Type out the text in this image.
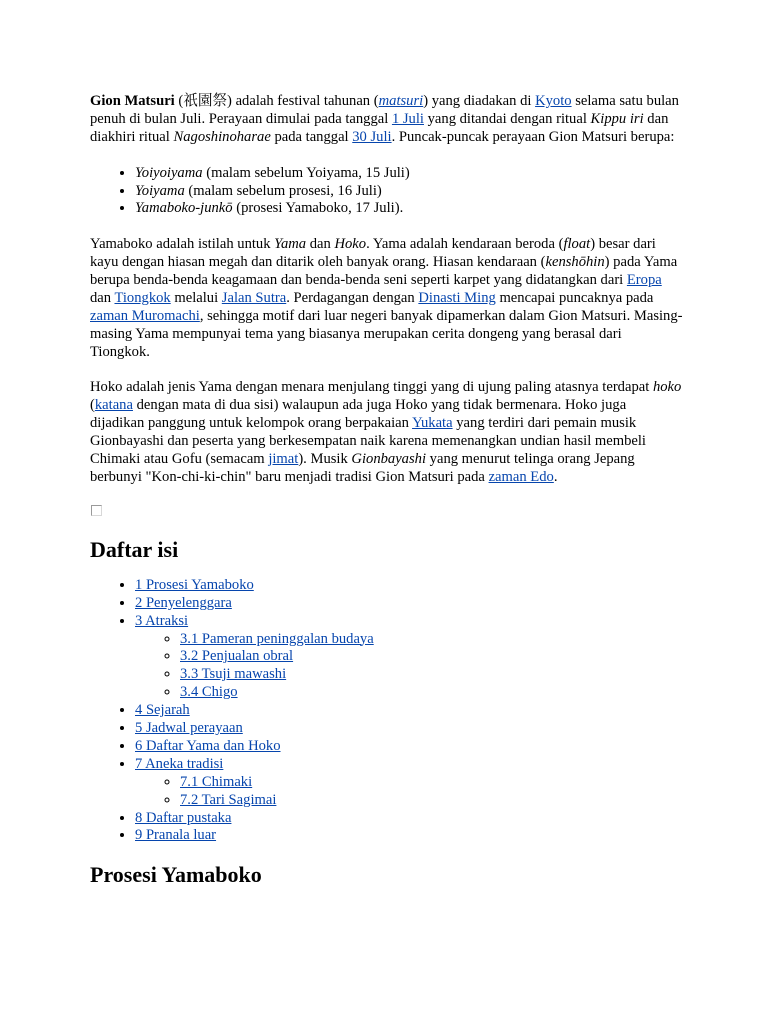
Gion Matsuri (祇園祭) adalah festival tahunan (matsuri) yang diadakan di Kyoto selama satu bulan penuh di bulan Juli. Perayaan dimulai pada tanggal 1 Juli yang ditandai dengan ritual Kippu iri dan diakhiri ritual Nagoshinoharae pada tanggal 30 Juli. Puncak-puncak perayaan Gion Matsuri berupa:

• Yoiyoiyama (malam sebelum Yoiyama, 15 Juli)
• Yoiyama (malam sebelum prosesi, 16 Juli)
• Yamaboko-junkō (prosesi Yamaboko, 17 Juli).

Yamaboko adalah istilah untuk Yama dan Hoko. Yama adalah kendaraan beroda (float) besar dari kayu dengan hiasan megah dan ditarik oleh banyak orang. Hiasan kendaraan (kenshōhin) pada Yama berupa benda-benda keagamaan dan benda-benda seni seperti karpet yang didatangkan dari Eropa dan Tiongkok melalui Jalan Sutra. Perdagangan dengan Dinasti Ming mencapai puncaknya pada zaman Muromachi, sehingga motif dari luar negeri banyak dipamerkan dalam Gion Matsuri. Masing-masing Yama mempunyai tema yang biasanya merupakan cerita dongeng yang berasal dari Tiongkok.

Hoko adalah jenis Yama dengan menara menjulang tinggi yang di ujung paling atasnya terdapat hoko (katana dengan mata di dua sisi) walaupun ada juga Hoko yang tidak bermenara. Hoko juga dijadikan panggung untuk kelompok orang berpakaian Yukata yang terdiri dari pemain musik Gionbayashi dan peserta yang berkesempatan naik karena memenangkan undian hasil membeli Chimaki atau Gofu (semacam jimat). Musik Gionbayashi yang menurut telinga orang Jepang berbunyi "Kon-chi-ki-chin" baru menjadi tradisi Gion Matsuri pada zaman Edo.

Daftar isi
• 1 Prosesi Yamaboko
• 2 Penyelenggara
• 3 Atraksi
◦ 3.1 Pameran peninggalan budaya
◦ 3.2 Penjualan obral
◦ 3.3 Tsuji mawashi
◦ 3.4 Chigo
• 4 Sejarah
• 5 Jadwal perayaan
• 6 Daftar Yama dan Hoko
• 7 Aneka tradisi
◦ 7.1 Chimaki
◦ 7.2 Tari Sagimai
• 8 Daftar pustaka
• 9 Pranala luar
Prosesi Yamaboko
